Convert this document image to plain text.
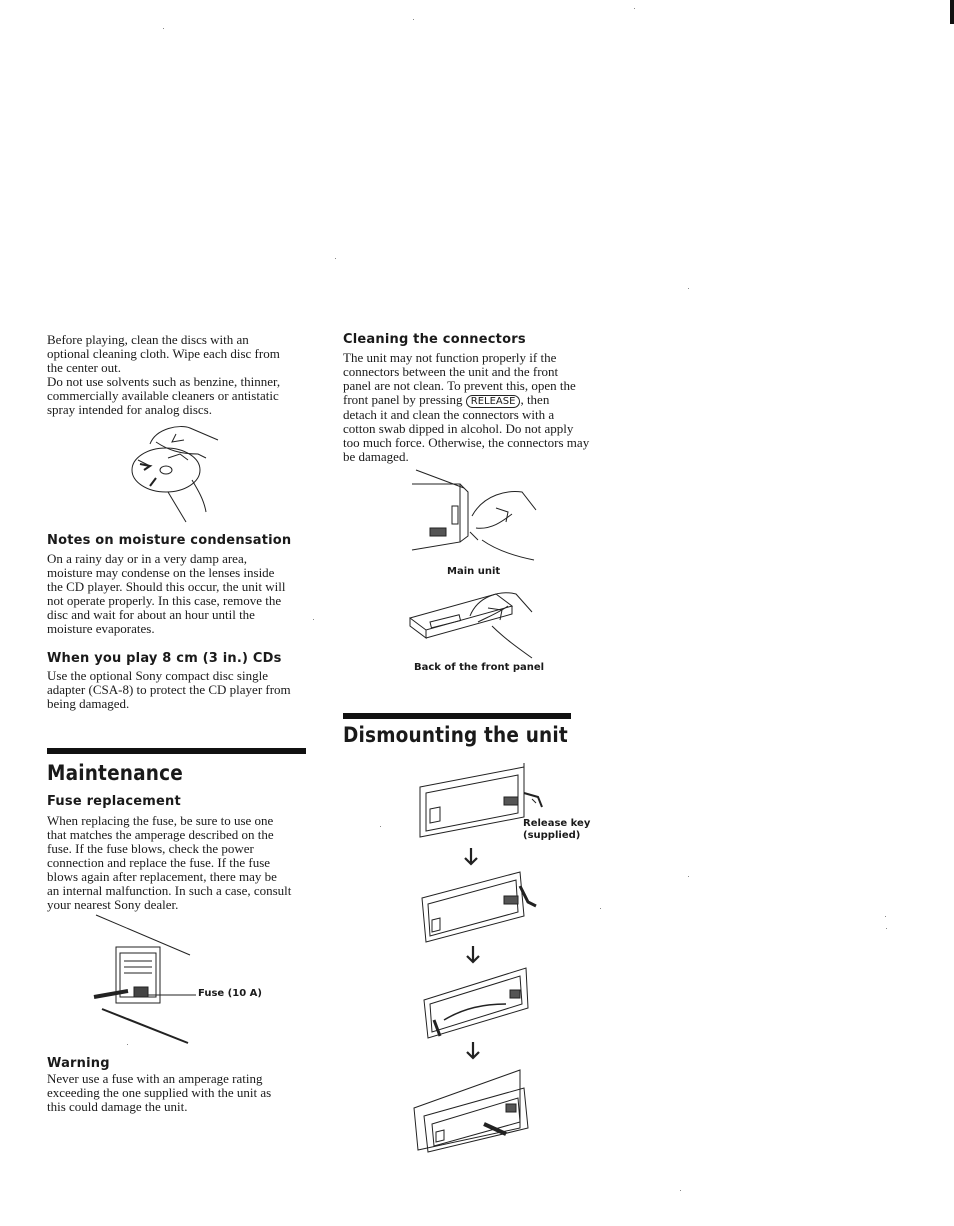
Before playing, clean the discs with an
optional cleaning cloth. Wipe each disc from
the center out.
Do not use solvents such as benzine, thinner,
commercially available cleaners or antistatic
spray intended for analog discs.

Notes on moisture condensation

On a rainy day or in a very damp area,
moisture may condense on the lenses inside
the CD player. Should this occur, the unit will
not operate properly. In this case, remove the
disc and wait for about an hour until the
moisture evaporates.

When you play 8 cm (3 in.) CDs

Use the optional Sony compact disc single
adapter (CSA-8) to protect the CD player from
being damaged.

Maintenance
Fuse replacement

When replacing the fuse, be sure to use one
that matches the amperage described on the
fuse. If the fuse blows, check the power
connection and replace the fuse. If the fuse
blows again after replacement, there may be
an internal malfunction. In such a case, consult
your nearest Sony dealer.

Fuse (10 A)
Warning

Never use a fuse with an amperage rating
exceeding the one supplied with the unit as
this could damage the unit.

Cleaning the connectors

The unit may not function properly if the
connectors between the unit and the front
panel are not clean. To prevent this, open the
front panel by pressing RELEASE , then
detach it and clean the connectors with a
cotton swab dipped in alcohol. Do not apply
too much force. Otherwise, the connectors may
be damaged.

Main unit
Back of the front panel
Dismounting the unit
Release key
(supplied)
